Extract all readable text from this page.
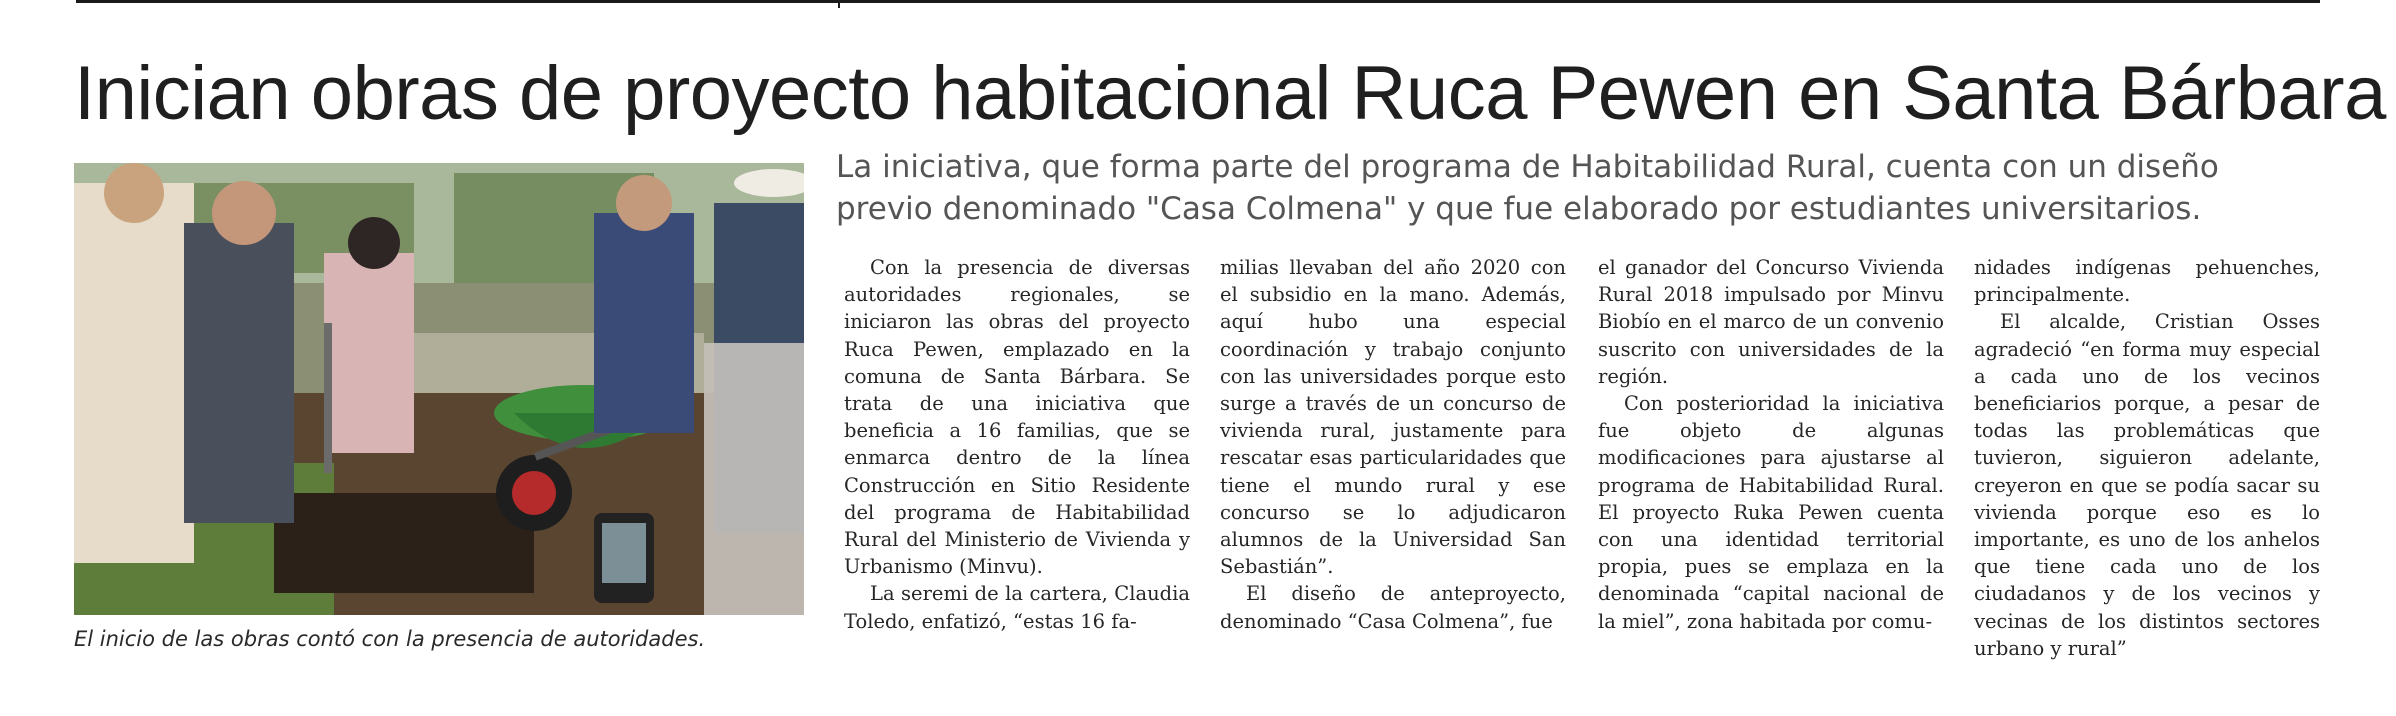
Inician obras de proyecto habitacional Ruca Pewen en Santa Bárbara
El inicio de las obras contó con la presencia de autoridades.
La iniciativa, que forma parte del programa de Habitabilidad Rural, cuenta con un diseño
previo denominado "Casa Colmena" y que fue elaborado por estudiantes universitarios.

Con la presencia de diversas autoridades regionales, se iniciaron las obras del proyecto Ruca Pewen, emplazado en la comuna de Santa Bárbara. Se trata de una iniciativa que beneficia a 16 familias, que se enmarca dentro de la línea Construcción en Sitio Residente del programa de Habitabilidad Rural del Ministerio de Vivienda y Urbanismo (Minvu).

La seremi de la cartera, Claudia Toledo, enfatizó, “estas 16 fa-

milias llevaban del año 2020 con el subsidio en la mano. Además, aquí hubo una especial coordinación y trabajo conjunto con las universidades porque esto surge a través de un concurso de vivienda rural, justamente para rescatar esas particularidades que tiene el mundo rural y ese concurso se lo adjudicaron alumnos de la Universidad San Sebastián”.

El diseño de anteproyecto, denominado “Casa Colmena”, fue

el ganador del Concurso Vivienda Rural 2018 impulsado por Minvu Biobío en el marco de un convenio suscrito con universidades de la región.

Con posterioridad la iniciativa fue objeto de algunas modificaciones para ajustarse al programa de Habitabilidad Rural. El proyecto Ruka Pewen cuenta con una identidad territorial propia, pues se emplaza en la denominada “capital nacional de la miel”, zona habitada por comu-

nidades indígenas pehuenches, principalmente.

El alcalde, Cristian Osses agradeció “en forma muy especial a cada uno de los vecinos beneficiarios porque, a pesar de todas las problemáticas que tuvieron, siguieron adelante, creyeron en que se podía sacar su vivienda porque eso es lo importante, es uno de los anhelos que tiene cada uno de los ciudadanos y de los vecinos y vecinas de los distintos sectores urbano y rural”
